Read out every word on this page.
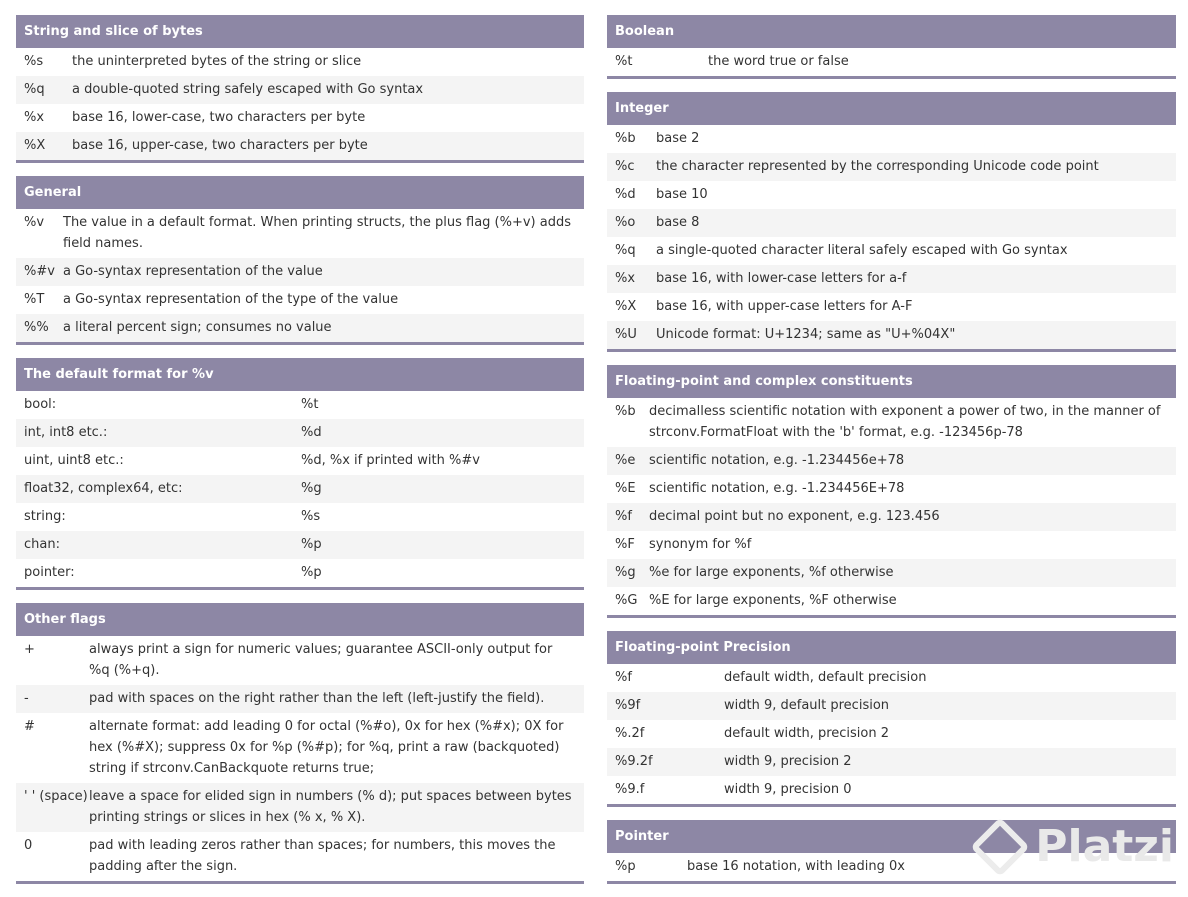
String and slice of bytes
%s	the uninterpreted bytes of the string or slice
%q	a double-quoted string safely escaped with Go syntax
%x	base 16, lower-case, two characters per byte
%X	base 16, upper-case, two characters per byte
General
%v	The value in a default format. When printing structs, the plus flag (%+v) adds field names.
%#v a Go-syntax representation of the value
%T	a Go-syntax representation of the type of the value
%%	a literal percent sign; consumes no value
The default format for %v
bool:	%t
int, int8 etc.:	%d
uint, uint8 etc.:	%d, %x if printed with %#v
float32, complex64, etc:	%g
string:	%s
chan:	%p
pointer:	%p
Other flags
+	always print a sign for numeric values; guarantee ASCII-only output for %q (%+q).
-	pad with spaces on the right rather than the left (left-justify the field).
#	alternate format: add leading 0 for octal (%#o), 0x for hex (%#x); 0X for hex (%#X); suppress 0x for %p (%#p); for %q, print a raw (backquoted) string if strconv.CanBackquote returns true;
' ' (space) leave a space for elided sign in numbers (% d); put spaces between bytes printing strings or slices in hex (% x, % X).
0	pad with leading zeros rather than spaces; for numbers, this moves the padding after the sign.
Boolean
%t	the word true or false
Integer
%b	base 2
%c	the character represented by the corresponding Unicode code point
%d	base 10
%o	base 8
%q	a single-quoted character literal safely escaped with Go syntax
%x	base 16, with lower-case letters for a-f
%X	base 16, with upper-case letters for A-F
%U	Unicode format: U+1234; same as "U+%04X"
Floating-point and complex constituents
%b	decimalless scientific notation with exponent a power of two, in the manner of strconv.FormatFloat with the 'b' format, e.g. -123456p-78
%e	scientific notation, e.g. -1.234456e+78
%E	scientific notation, e.g. -1.234456E+78
%f	decimal point but no exponent, e.g. 123.456
%F	synonym for %f
%g	%e for large exponents, %f otherwise
%G %E for large exponents, %F otherwise
Floating-point Precision
%f	default width, default precision
%9f	width 9, default precision
%.2f	default width, precision 2
%9.2f	width 9, precision 2
%9.f	width 9, precision 0
Pointer
%p	base 16 notation, with leading 0x	Platzi
